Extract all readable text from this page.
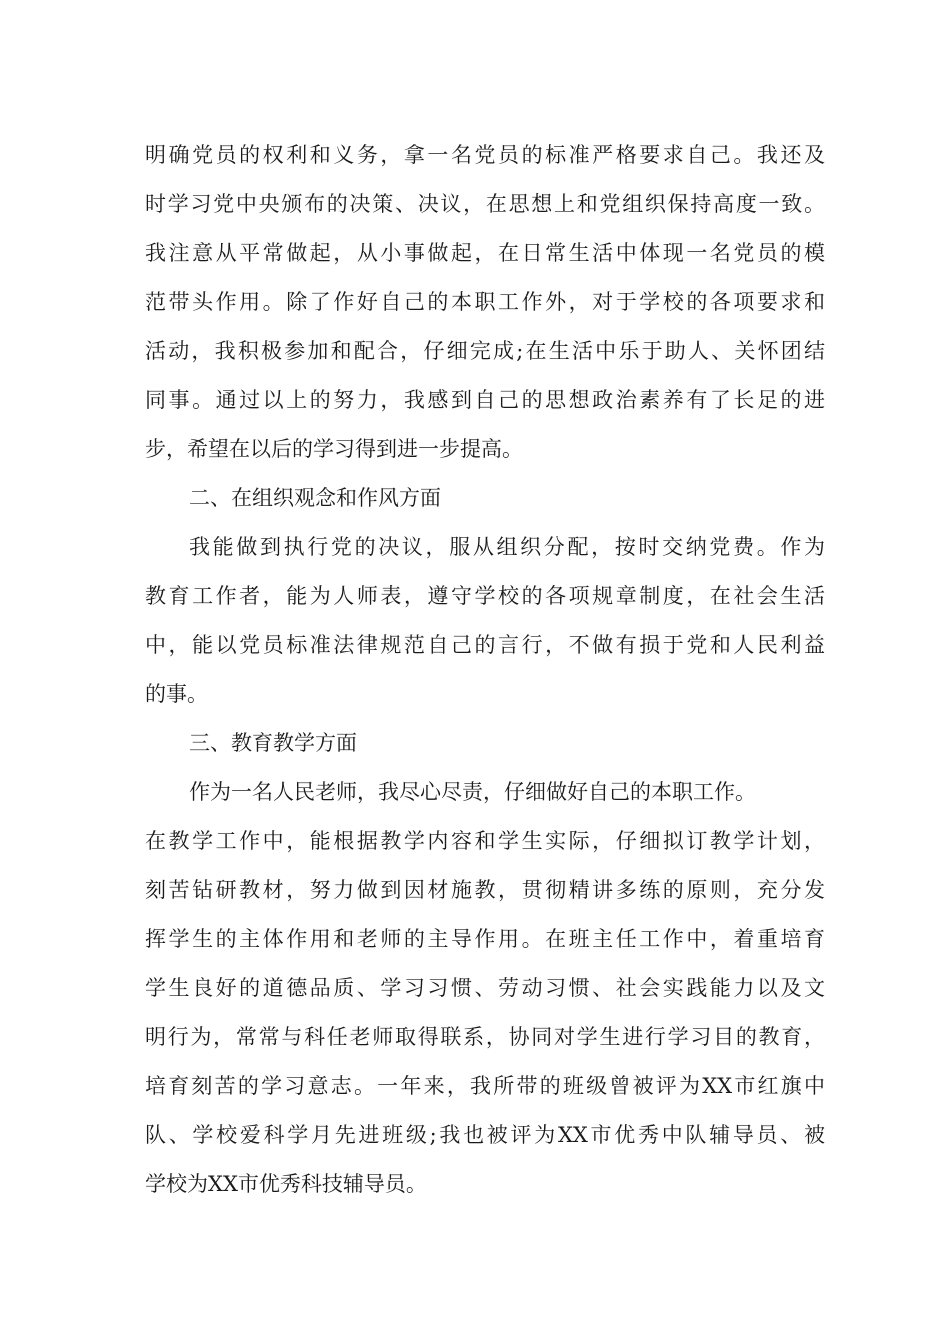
明确党员的权利和义务，拿一名党员的标准严格要求自己。我还及
时学习党中央颁布的决策、决议，在思想上和党组织保持高度一致。
我注意从平常做起，从小事做起，在日常生活中体现一名党员的模
范带头作用。除了作好自己的本职工作外，对于学校的各项要求和
活动，我积极参加和配合，仔细完成;在生活中乐于助人、关怀团结
同事。通过以上的努力，我感到自己的思想政治素养有了长足的进
步，希望在以后的学习得到进一步提高。
二、在组织观念和作风方面
我能做到执行党的决议，服从组织分配，按时交纳党费。作为
教育工作者，能为人师表，遵守学校的各项规章制度，在社会生活
中，能以党员标准法律规范自己的言行，不做有损于党和人民利益
的事。
三、教育教学方面
作为一名人民老师，我尽心尽责，仔细做好自己的本职工作。
在教学工作中，能根据教学内容和学生实际，仔细拟订教学计划，
刻苦钻研教材，努力做到因材施教，贯彻精讲多练的原则，充分发
挥学生的主体作用和老师的主导作用。在班主任工作中，着重培育
学生良好的道德品质、学习习惯、劳动习惯、社会实践能力以及文
明行为，常常与科任老师取得联系，协同对学生进行学习目的教育，
培育刻苦的学习意志。一年来，我所带的班级曾被评为XX市红旗中
队、学校爱科学月先进班级;我也被评为XX市优秀中队辅导员、被
学校为XX市优秀科技辅导员。
